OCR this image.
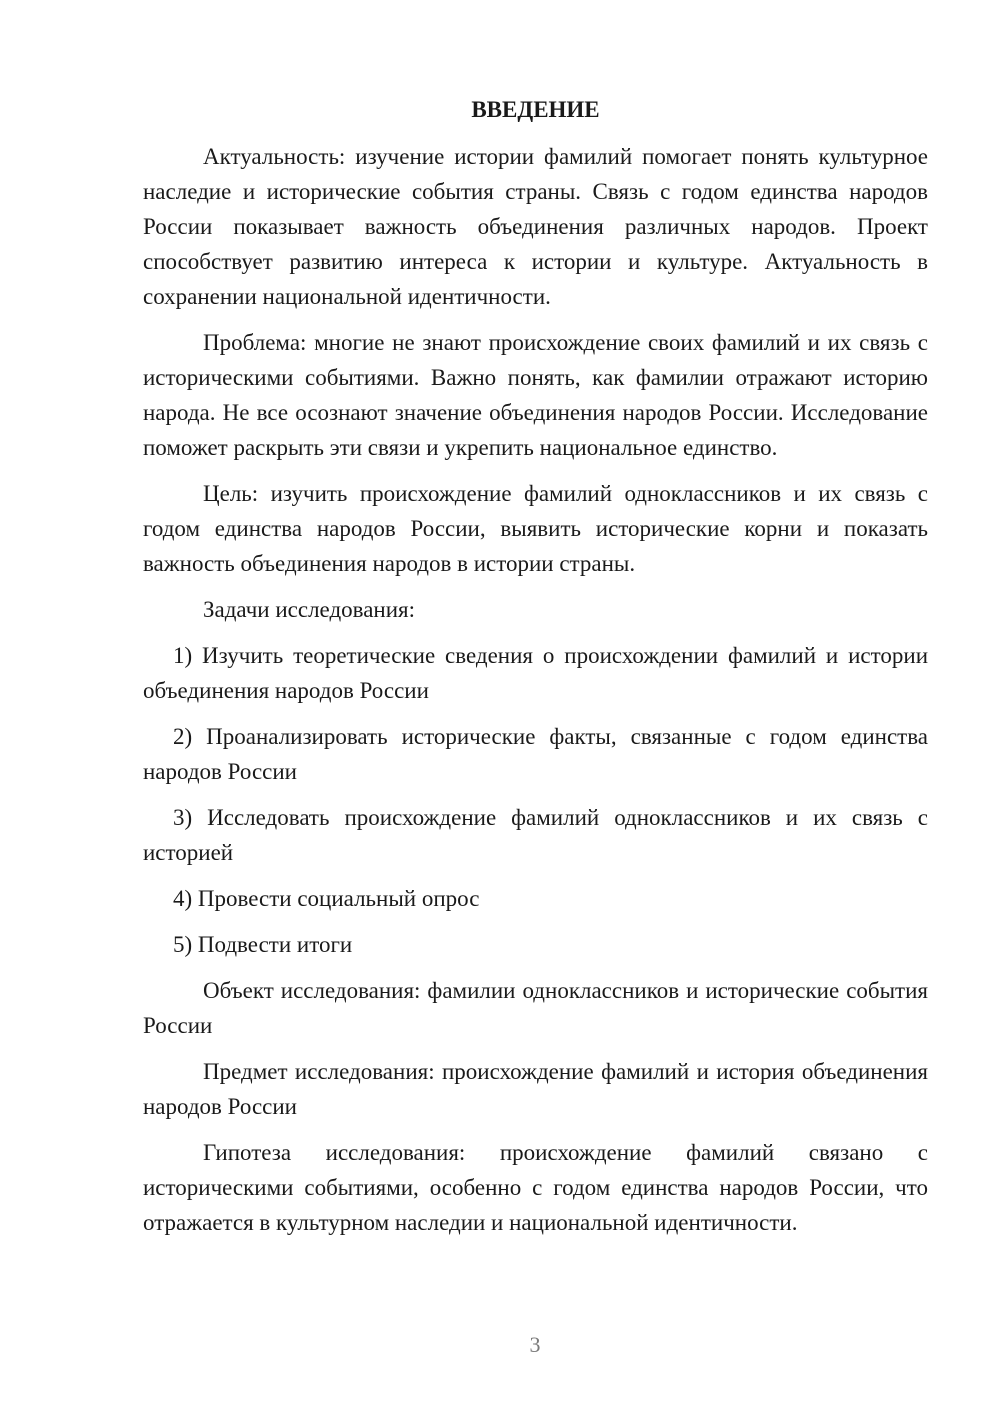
ВВЕДЕНИЕ

Актуальность: изучение истории фамилий помогает понять культурное наследие и исторические события страны. Связь с годом единства народов России показывает важность объединения различных народов. Проект способствует развитию интереса к истории и культуре. Актуальность в сохранении национальной идентичности.

Проблема: многие не знают происхождение своих фамилий и их связь с историческими событиями. Важно понять, как фамилии отражают историю народа. Не все осознают значение объединения народов России. Исследование поможет раскрыть эти связи и укрепить национальное единство.

Цель: изучить происхождение фамилий одноклассников и их связь с годом единства народов России, выявить исторические корни и показать важность объединения народов в истории страны.

Задачи исследования:

1) Изучить теоретические сведения о происхождении фамилий и истории объединения народов России

2) Проанализировать исторические факты, связанные с годом единства народов России

3) Исследовать происхождение фамилий одноклассников и их связь с историей

4) Провести социальный опрос

5) Подвести итоги

Объект исследования: фамилии одноклассников и исторические события России

Предмет исследования: происхождение фамилий и история объединения народов России

Гипотеза исследования: происхождение фамилий связано с историческими событиями, особенно с годом единства народов России, что отражается в культурном наследии и национальной идентичности.

3
